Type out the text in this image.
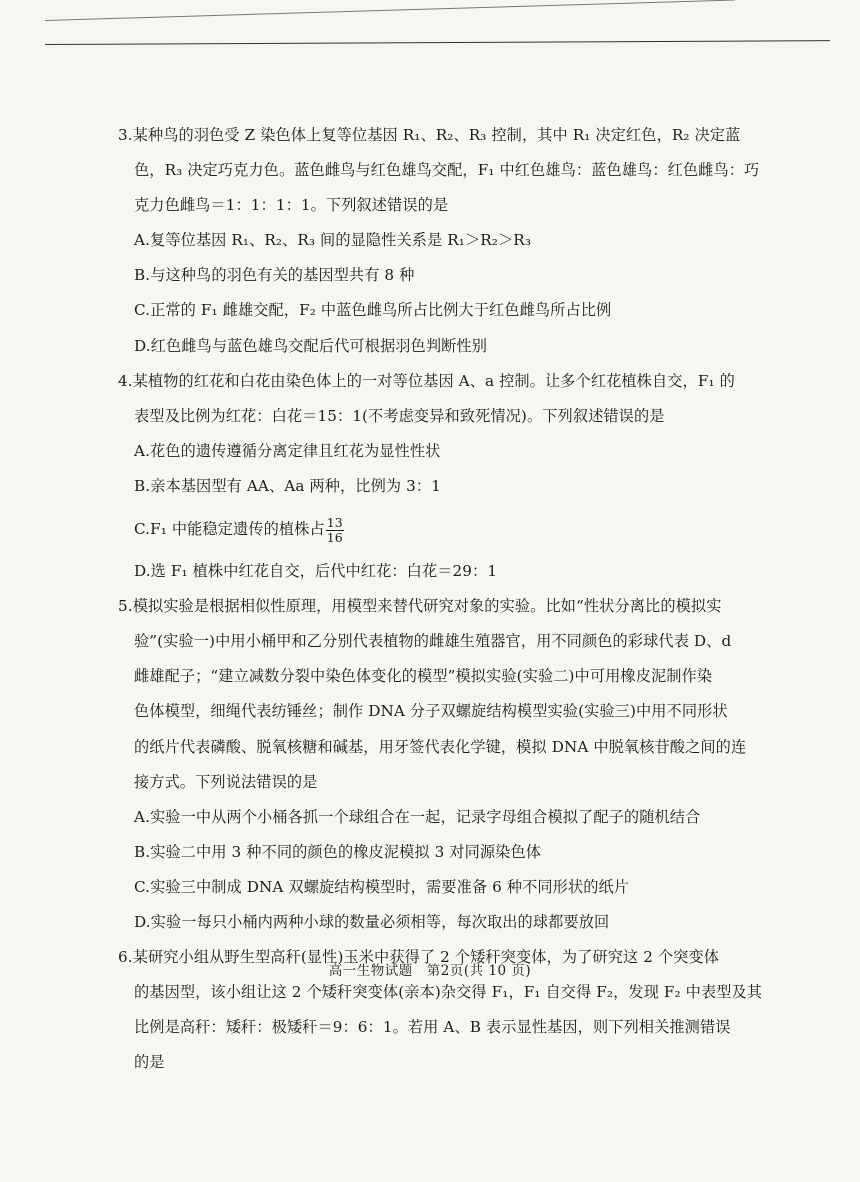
3.某种鸟的羽色受 Z 染色体上复等位基因 R₁、R₂、R₃ 控制，其中 R₁ 决定红色，R₂ 决定蓝
色，R₃ 决定巧克力色。蓝色雌鸟与红色雄鸟交配，F₁ 中红色雄鸟：蓝色雄鸟：红色雌鸟：巧
克力色雌鸟＝1：1：1：1。下列叙述错误的是
A.复等位基因 R₁、R₂、R₃ 间的显隐性关系是 R₁＞R₂＞R₃
B.与这种鸟的羽色有关的基因型共有 8 种
C.正常的 F₁ 雌雄交配，F₂ 中蓝色雌鸟所占比例大于红色雌鸟所占比例
D.红色雌鸟与蓝色雄鸟交配后代可根据羽色判断性别
4.某植物的红花和白花由染色体上的一对等位基因 A、a 控制。让多个红花植株自交，F₁ 的
表型及比例为红花：白花＝15：1(不考虑变异和致死情况)。下列叙述错误的是
A.花色的遗传遵循分离定律且红花为显性性状
B.亲本基因型有 AA、Aa 两种，比例为 3：1
C.F₁ 中能稳定遗传的植株占 $\frac{13}{16}$
D.选 F₁ 植株中红花自交，后代中红花：白花＝29：1
5.模拟实验是根据相似性原理，用模型来替代研究对象的实验。比如“性状分离比的模拟实
验”(实验一)中用小桶甲和乙分别代表植物的雌雄生殖器官，用不同颜色的彩球代表 D、d
雌雄配子；“建立减数分裂中染色体变化的模型”模拟实验(实验二)中可用橡皮泥制作染
色体模型，细绳代表纺锤丝；制作 DNA 分子双螺旋结构模型实验(实验三)中用不同形状
的纸片代表磷酸、脱氧核糖和碱基，用牙签代表化学键，模拟 DNA 中脱氧核苷酸之间的连
接方式。下列说法错误的是
A.实验一中从两个小桶各抓一个球组合在一起，记录字母组合模拟了配子的随机结合
B.实验二中用 3 种不同的颜色的橡皮泥模拟 3 对同源染色体
C.实验三中制成 DNA 双螺旋结构模型时，需要准备 6 种不同形状的纸片
D.实验一每只小桶内两种小球的数量必须相等，每次取出的球都要放回
6.某研究小组从野生型高秆(显性)玉米中获得了 2 个矮秆突变体，为了研究这 2 个突变体
的基因型，该小组让这 2 个矮秆突变体(亲本)杂交得 F₁，F₁ 自交得 F₂，发现 F₂ 中表型及其
比例是高秆：矮秆：极矮秆＝9：6：1。若用 A、B 表示显性基因，则下列相关推测错误
的是
高一生物试题　第2页(共 10 页)
